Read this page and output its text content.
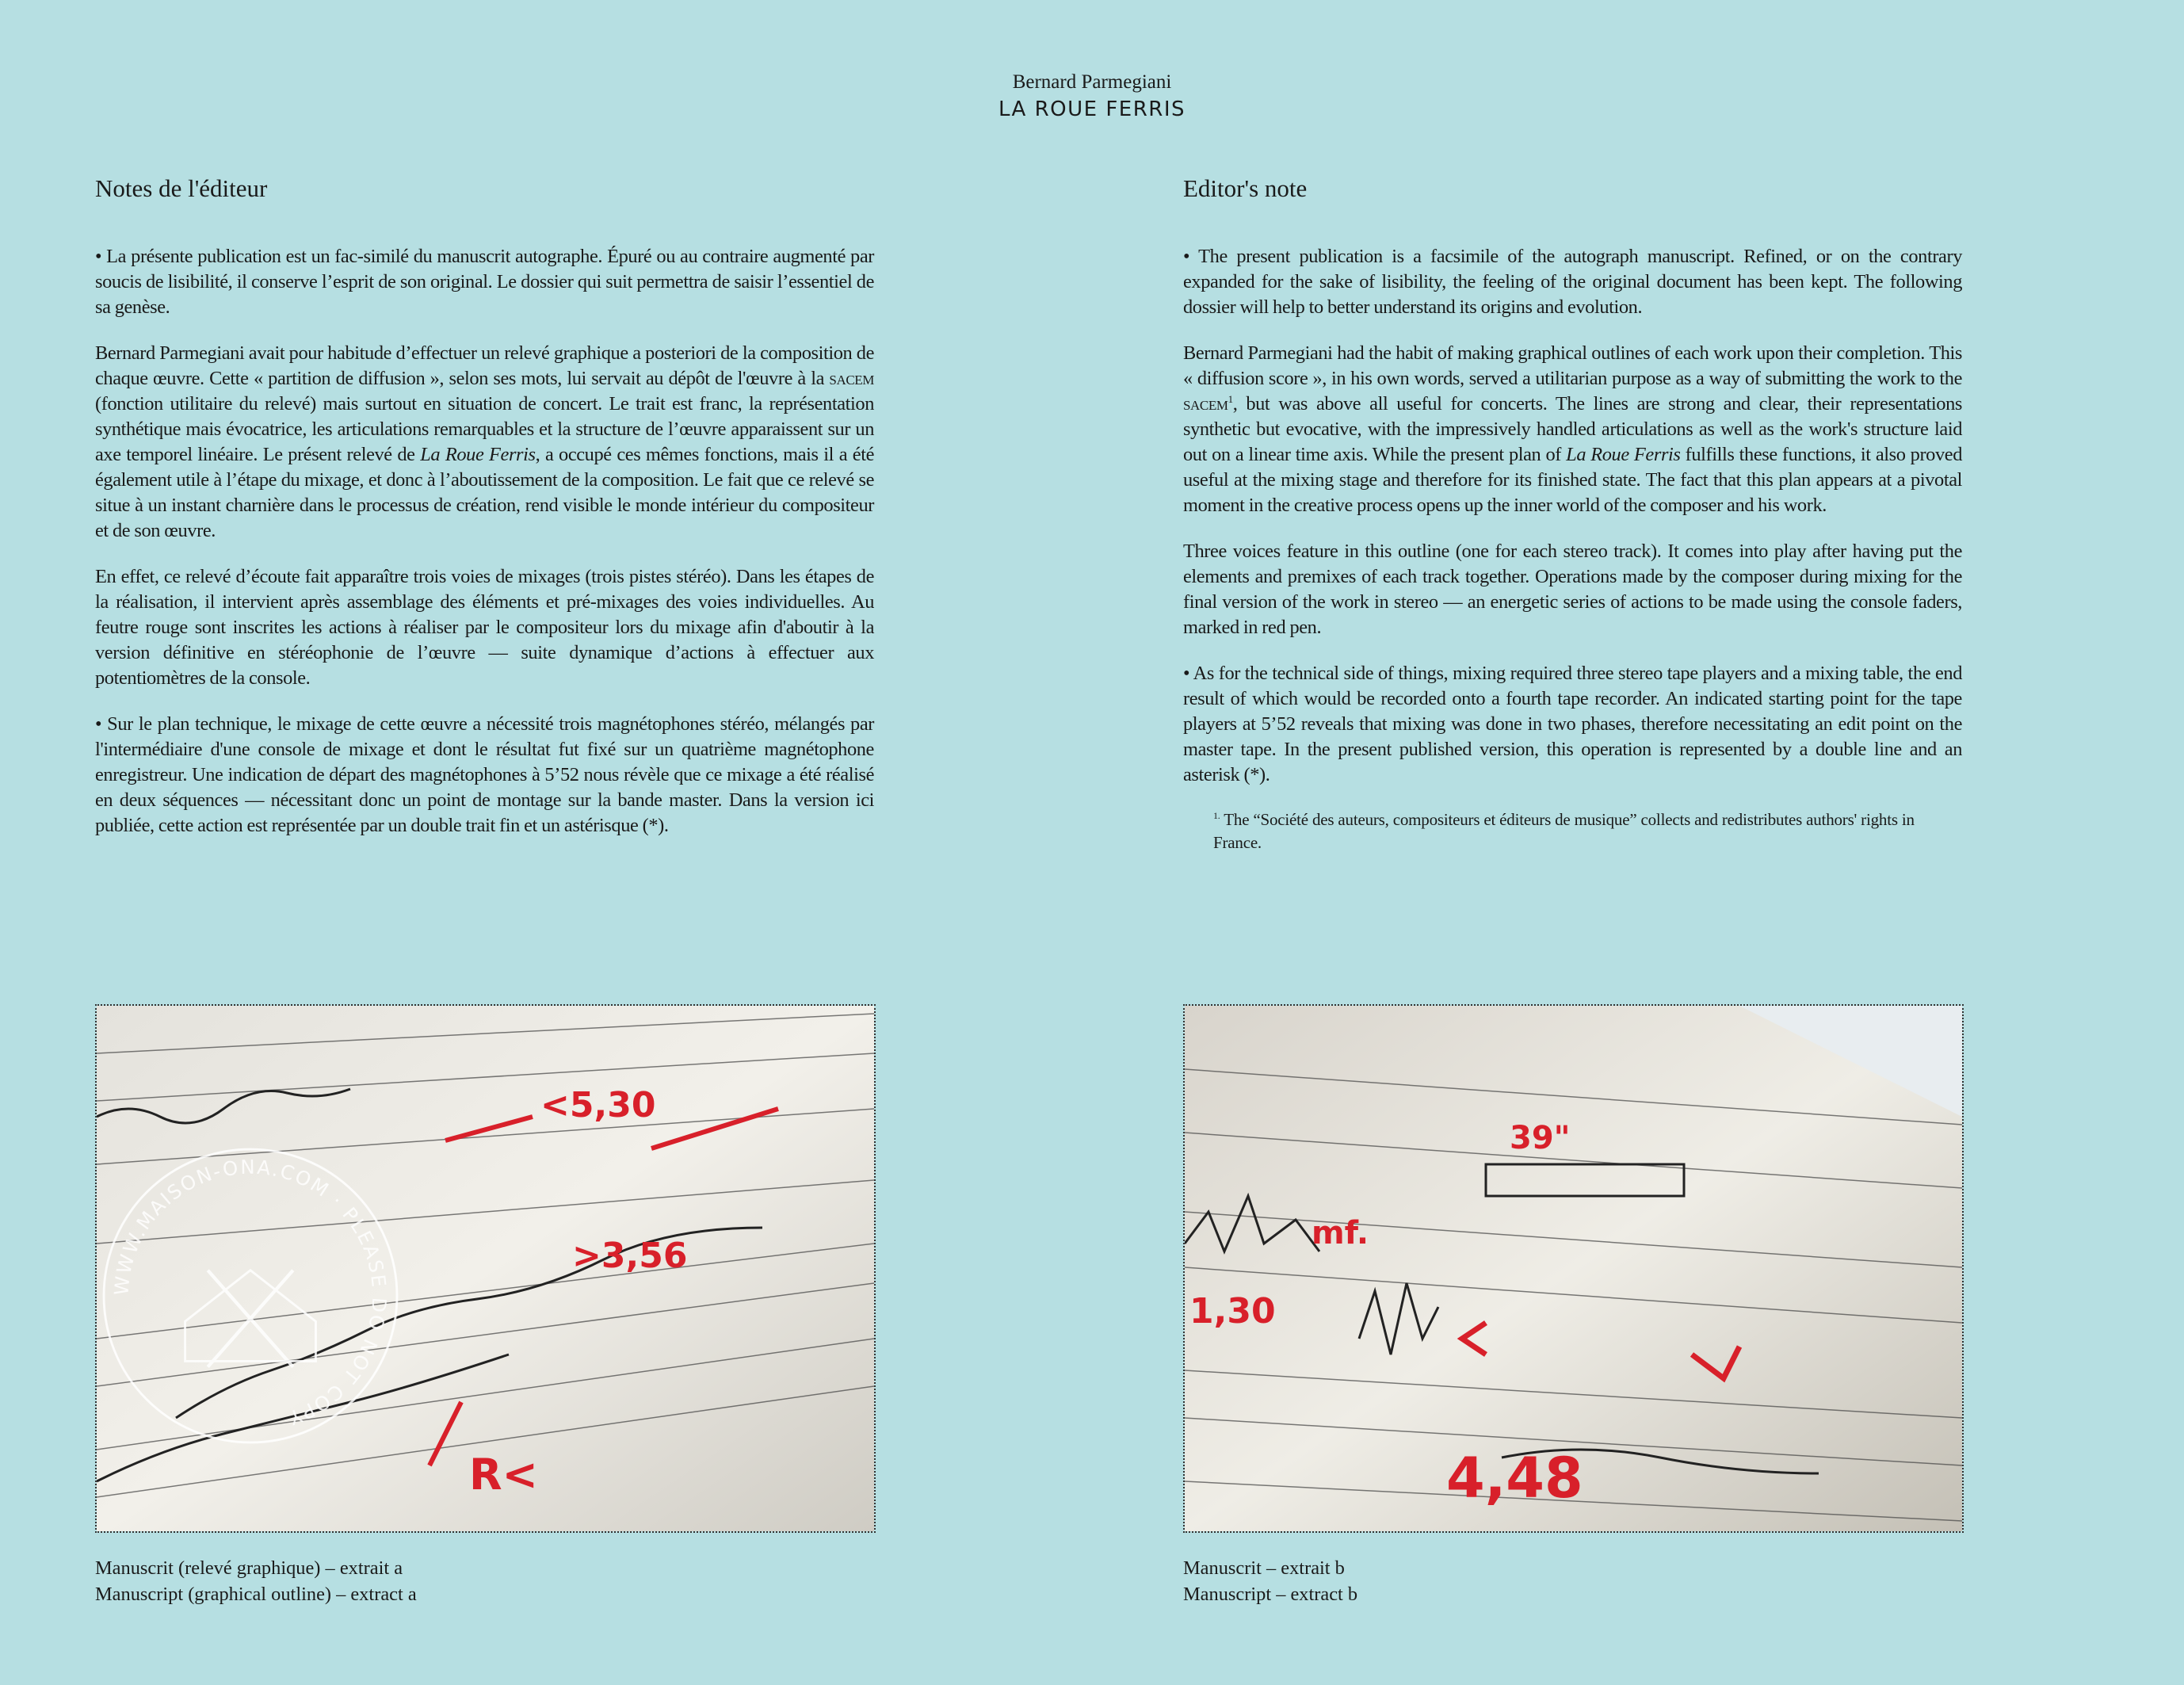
Bernard Parmegiani
LA ROUE FERRIS
Notes de l'éditeur

• La présente publication est un fac-similé du manuscrit autographe. Épuré ou au contraire augmenté par soucis de lisibilité, il conserve l’esprit de son original. Le dossier qui suit permettra de saisir l’essentiel de sa genèse.

Bernard Parmegiani avait pour habitude d’effectuer un relevé graphique a posteriori de la composition de chaque œuvre. Cette « partition de diffusion », selon ses mots, lui servait au dépôt de l'œuvre à la sacem (fonction utilitaire du relevé) mais surtout en situation de concert. Le trait est franc, la représentation synthétique mais évocatrice, les articulations remarquables et la structure de l’œuvre apparaissent sur un axe temporel linéaire. Le présent relevé de La Roue Ferris, a occupé ces mêmes fonctions, mais il a été également utile à l’étape du mixage, et donc à l’aboutissement de la composition. Le fait que ce relevé se situe à un instant charnière dans le processus de création, rend visible le monde intérieur du compositeur et de son œuvre.

En effet, ce relevé d’écoute fait apparaître trois voies de mixages (trois pistes stéréo). Dans les étapes de la réalisation, il intervient après assemblage des éléments et pré-mixages des voies individuelles. Au feutre rouge sont inscrites les actions à réaliser par le compositeur lors du mixage afin d'aboutir à la version définitive en stéréophonie de l’œuvre — suite dynamique d’actions à effectuer aux potentiomètres de la console.

• Sur le plan technique, le mixage de cette œuvre a nécessité trois magnétophones stéréo, mélangés par l'intermédiaire d'une console de mixage et dont le résultat fut fixé sur un quatrième magnétophone enregistreur. Une indication de départ des magnétophones à 5’52 nous révèle que ce mixage a été réalisé en deux séquences — nécessitant donc un point de montage sur la bande master. Dans la version ici publiée, cette action est représentée par un double trait fin et un astérisque (*).

Editor's note

• The present publication is a facsimile of the autograph manuscript. Refined, or on the contrary expanded for the sake of lisibility, the feeling of the original document has been kept. The following dossier will help to better understand its origins and evolution.

Bernard Parmegiani had the habit of making graphical outlines of each work upon their completion. This « diffusion score », in his own words, served a utilitarian purpose as a way of submitting the work to the sacem$^1$, but was above all useful for concerts. The lines are strong and clear, their representations synthetic but evocative, with the impressively handled articulations as well as the work's structure laid out on a linear time axis. While the present plan of La Roue Ferris fulfills these functions, it also proved useful at the mixing stage and therefore for its finished state. The fact that this plan appears at a pivotal moment in the creative process opens up the inner world of the composer and his work.

Three voices feature in this outline (one for each stereo track). It comes into play after having put the elements and premixes of each track together. Operations made by the composer during mixing for the final version of the work in stereo — an energetic series of actions to be made using the console faders, marked in red pen.

• As for the technical side of things, mixing required three stereo tape players and a mixing table, the end result of which would be recorded onto a fourth tape recorder. An indicated starting point for the tape players at 5’52 reveals that mixing was done in two phases, therefore necessitating an edit point on the master tape. In the present published version, this operation is represented by a double line and an asterisk (*).

$^{1.}$ The “Société des auteurs, compositeurs et éditeurs de musique” collects and redistributes authors' rights in France.
<5,30
>3,56
R<
39"
mf.
4,48
1,30
Manuscrit (relevé graphique) – extrait a
Manuscript (graphical outline) – extract a
Manuscrit – extrait b
Manuscript – extract b
WWW.MAISON-ONA.COM · PLEASE DO NOT COPY
